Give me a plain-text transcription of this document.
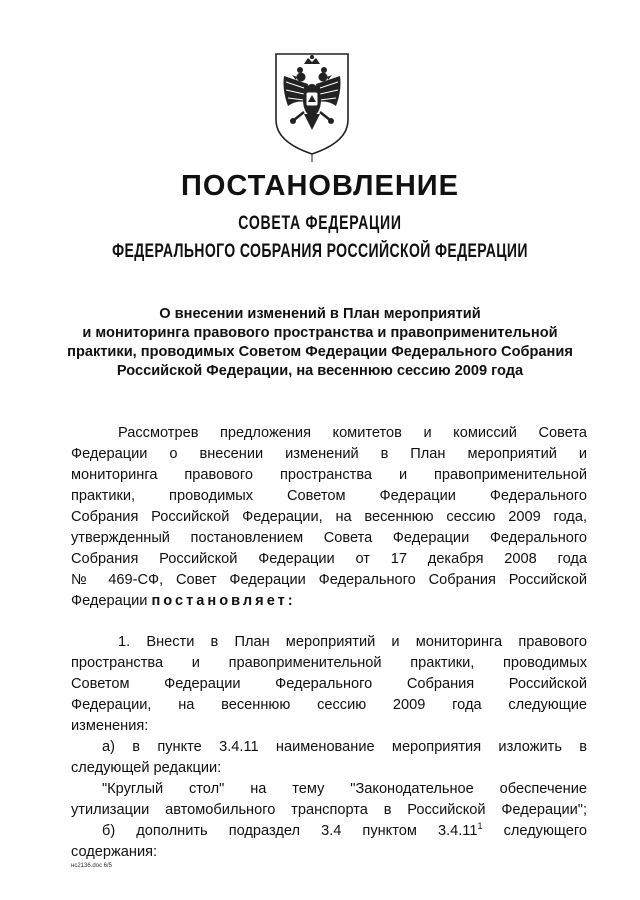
ПОСТАНОВЛЕНИЕ
СОВЕТА ФЕДЕРАЦИИ
ФЕДЕРАЛЬНОГО СОБРАНИЯ РОССИЙСКОЙ ФЕДЕРАЦИИ
О внесении изменений в План мероприятий
и мониторинга правового пространства и правоприменительной
практики, проводимых Советом Федерации Федерального Собрания
Российской Федерации, на весеннюю сессию 2009 года
Рассмотрев предложения комитетов и комиссий Совета
Федерации о внесении изменений в План мероприятий и
мониторинга правового пространства и правоприменительной
практики, проводимых Советом Федерации Федерального
Собрания Российской Федерации, на весеннюю сессию 2009 года,
утвержденный постановлением Совета Федерации Федерального
Собрания Российской Федерации от 17 декабря 2008 года
№ 469-СФ, Совет Федерации Федерального Собрания Российской
Федерации постановляет:
1. Внести в План мероприятий и мониторинга правового
пространства и правоприменительной практики, проводимых
Советом Федерации Федерального Собрания Российской
Федерации, на весеннюю сессию 2009 года следующие
изменения:
а) в пункте 3.4.11 наименование мероприятия изложить в
следующей редакции:
"Круглый стол" на тему "Законодательное обеспечение
утилизации автомобильного транспорта в Российской Федерации";
б) дополнить подраздел 3.4 пунктом 3.4.11$^1$ следующего
содержания:
нс2136.doc 6/5
